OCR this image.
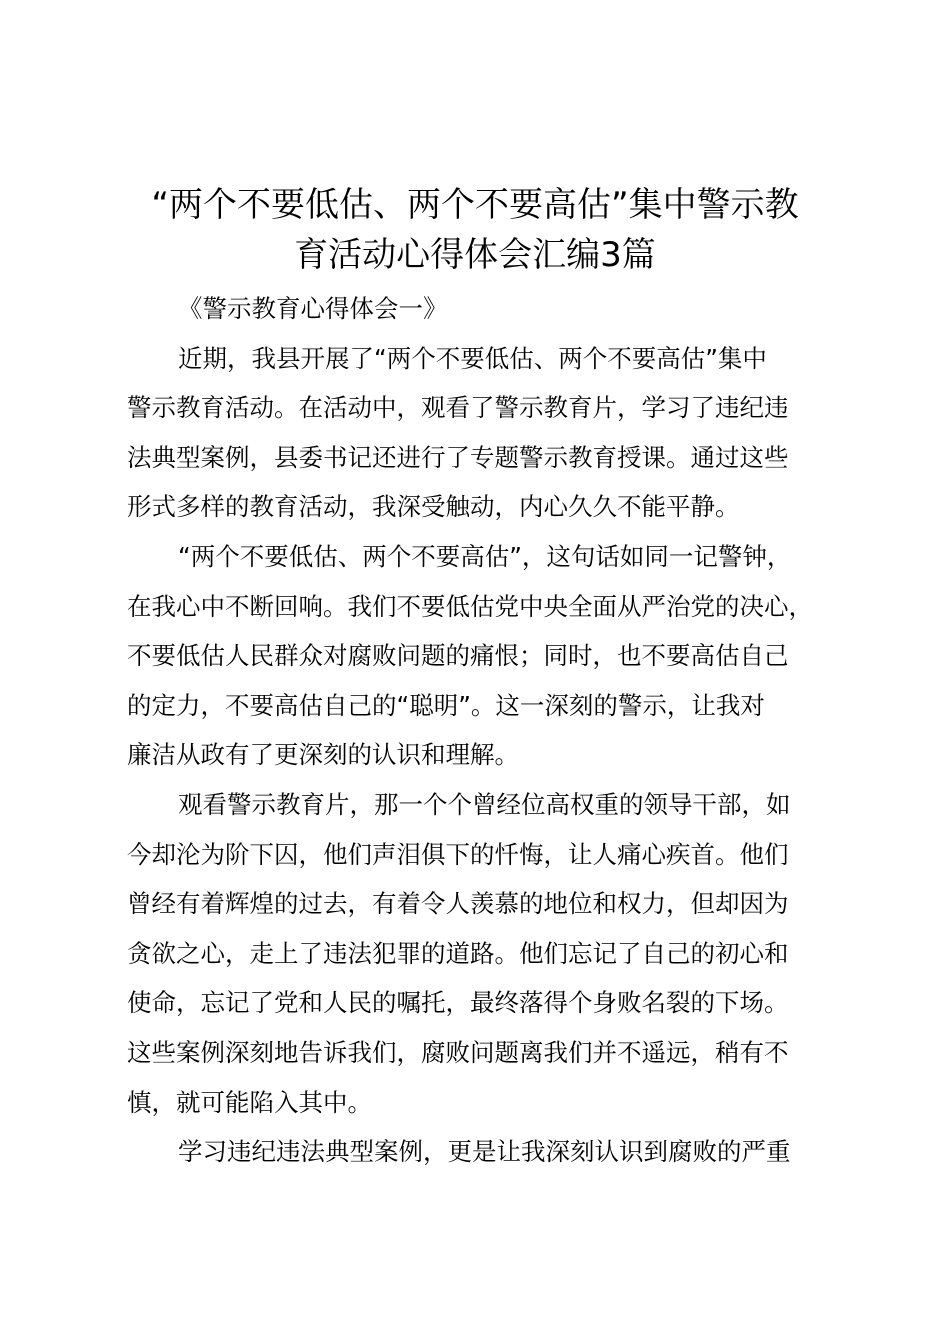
“两个不要低估、两个不要高估”集中警示教
育活动心得体会汇编3篇
《警示教育心得体会一》
近期，我县开展了“两个不要低估、两个不要高估”集中
警示教育活动。在活动中，观看了警示教育片，学习了违纪违
法典型案例，县委书记还进行了专题警示教育授课。通过这些
形式多样的教育活动，我深受触动，内心久久不能平静。
“两个不要低估、两个不要高估”，这句话如同一记警钟，
在我心中不断回响。我们不要低估党中央全面从严治党的决心，
不要低估人民群众对腐败问题的痛恨；同时，也不要高估自己
的定力，不要高估自己的“聪明”。这一深刻的警示，让我对
廉洁从政有了更深刻的认识和理解。
观看警示教育片，那一个个曾经位高权重的领导干部，如
今却沦为阶下囚，他们声泪俱下的忏悔，让人痛心疾首。他们
曾经有着辉煌的过去，有着令人羡慕的地位和权力，但却因为
贪欲之心，走上了违法犯罪的道路。他们忘记了自己的初心和
使命，忘记了党和人民的嘱托，最终落得个身败名裂的下场。
这些案例深刻地告诉我们，腐败问题离我们并不遥远，稍有不
慎，就可能陷入其中。
学习违纪违法典型案例，更是让我深刻认识到腐败的严重
